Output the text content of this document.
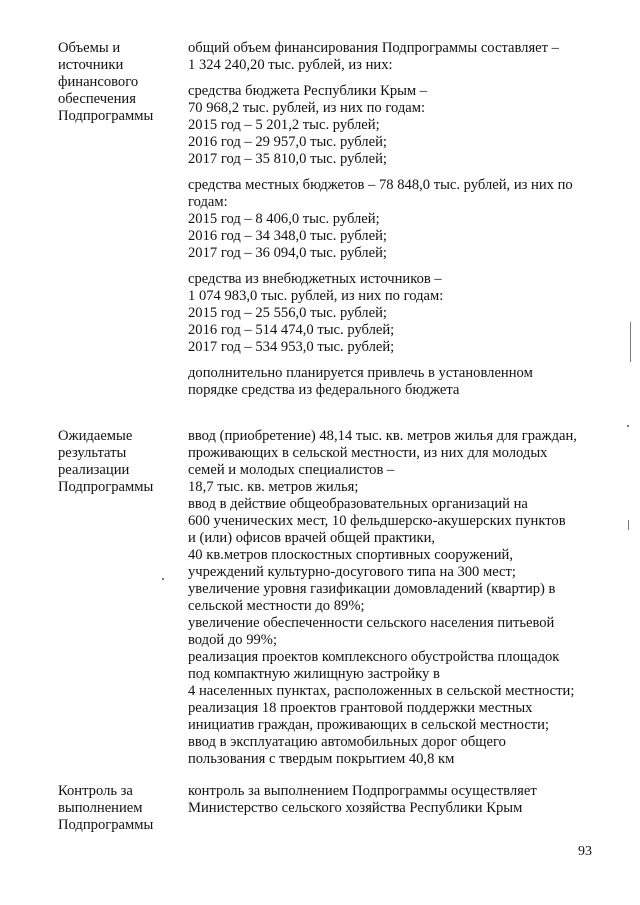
Объемы и
источники
финансового
обеспечения
Подпрограммы
общий объем финансирования Подпрограммы составляет –
1 324 240,20 тыс. рублей, из них:
средства бюджета Республики Крым –
70 968,2 тыс. рублей, из них по годам:
2015 год – 5 201,2 тыс. рублей;
2016 год – 29 957,0 тыс. рублей;
2017 год – 35 810,0 тыс. рублей;
средства местных бюджетов – 78 848,0 тыс. рублей, из них по
годам:
2015 год – 8 406,0 тыс. рублей;
2016 год – 34 348,0 тыс. рублей;
2017 год – 36 094,0 тыс. рублей;
средства из внебюджетных источников –
1 074 983,0 тыс. рублей, из них по годам:
2015 год – 25 556,0 тыс. рублей;
2016 год – 514 474,0 тыс. рублей;
2017 год – 534 953,0 тыс. рублей;
дополнительно планируется привлечь в установленном
порядке средства из федерального бюджета
Ожидаемые
результаты
реализации
Подпрограммы
ввод (приобретение) 48,14 тыс. кв. метров жилья для граждан,
проживающих в сельской местности, из них для молодых
семей и молодых специалистов –
18,7 тыс. кв. метров жилья;
ввод в действие общеобразовательных организаций на
600 ученических мест, 10 фельдшерско-акушерских пунктов
и (или) офисов врачей общей практики,
40 кв.метров плоскостных спортивных сооружений,
учреждений культурно-досугового типа на 300 мест;
увеличение уровня газификации домовладений (квартир) в
сельской местности до 89%;
увеличение обеспеченности сельского населения питьевой
водой до 99%;
реализация проектов комплексного обустройства площадок
под компактную жилищную застройку в
4 населенных пунктах, расположенных в сельской местности;
реализация 18 проектов грантовой поддержки местных
инициатив граждан, проживающих в сельской местности;
ввод в эксплуатацию автомобильных дорог общего
пользования с твердым покрытием 40,8 км
Контроль за
выполнением
Подпрограммы
контроль за выполнением Подпрограммы осуществляет
Министерство сельского хозяйства Республики Крым
93
